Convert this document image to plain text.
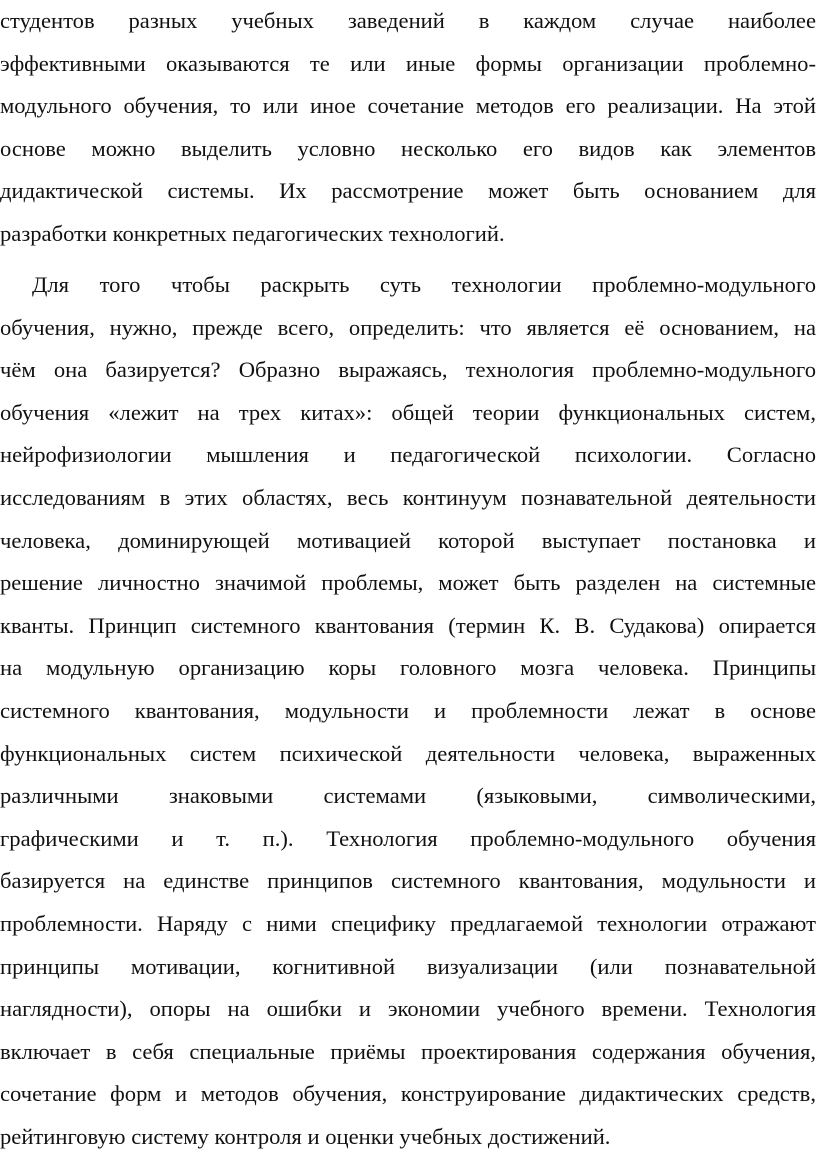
студентов разных учебных заведений в каждом случае наиболее
эффективными оказываются те или иные формы организации проблемно-
модульного обучения, то или иное сочетание методов его реализации. На этой
основе можно выделить условно несколько его видов как элементов
дидактической системы. Их рассмотрение может быть основанием для
разработки конкретных педагогических технологий.
Для того чтобы раскрыть суть технологии проблемно-модульного
обучения, нужно, прежде всего, определить: что является её основанием, на
чём она базируется? Образно выражаясь, технология проблемно-модульного
обучения «лежит на трех китах»: общей теории функциональных систем,
нейрофизиологии мышления и педагогической психологии. Согласно
исследованиям в этих областях, весь континуум познавательной деятельности
человека, доминирующей мотивацией которой выступает постановка и
решение личностно значимой проблемы, может быть разделен на системные
кванты. Принцип системного квантования (термин К. В. Судакова) опирается
на модульную организацию коры головного мозга человека. Принципы
системного квантования, модульности и проблемности лежат в основе
функциональных систем психической деятельности человека, выраженных
различными знаковыми системами (языковыми, символическими,
графическими и т. п.). Технология проблемно-модульного обучения
базируется на единстве принципов системного квантования, модульности и
проблемности. Наряду с ними специфику предлагаемой технологии отражают
принципы мотивации, когнитивной визуализации (или познавательной
наглядности), опоры на ошибки и экономии учебного времени. Технология
включает в себя специальные приёмы проектирования содержания обучения,
сочетание форм и методов обучения, конструирование дидактических средств,
рейтинговую систему контроля и оценки учебных достижений.
